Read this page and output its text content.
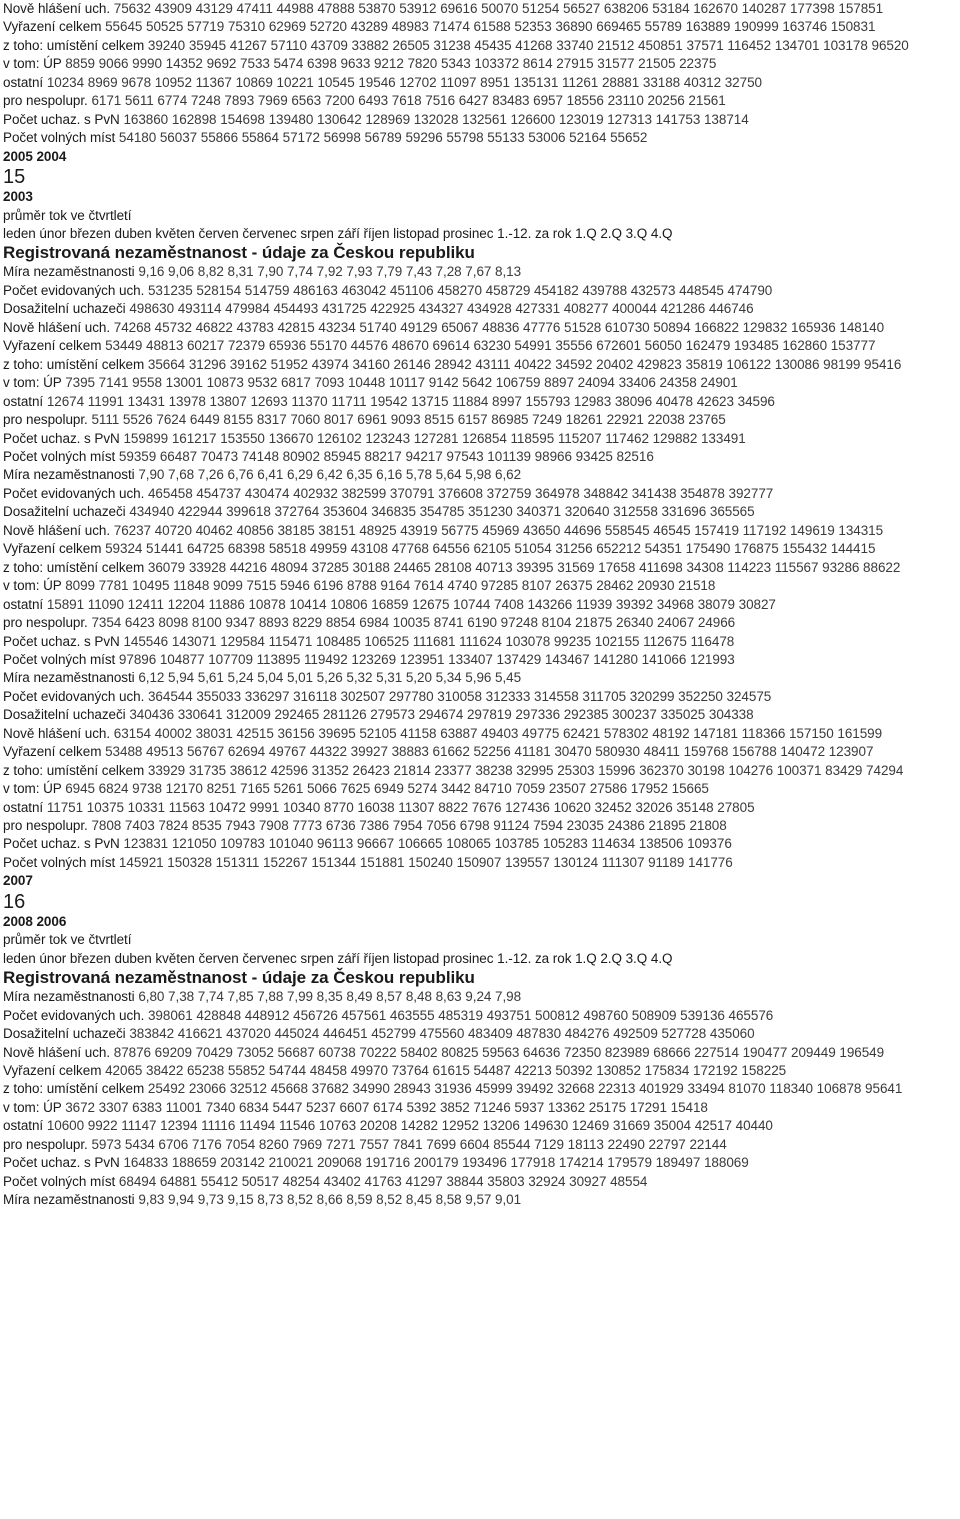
Nově hlášení uch. 75632 43909 43129 47411 44988 47888 53870 53912 69616 50070 51254 56527 638206 53184 162670 140287 177398 157851

Vyřazení celkem 55645 50525 57719 75310 62969 52720 43289 48983 71474 61588 52353 36890 669465 55789 163889 190999 163746 150831

z toho: umístění celkem 39240 35945 41267 57110 43709 33882 26505 31238 45435 41268 33740 21512 450851 37571 116452 134701 103178 96520

v tom: ÚP 8859 9066 9990 14352 9692 7533 5474 6398 9633 9212 7820 5343 103372 8614 27915 31577 21505 22375

ostatní 10234 8969 9678 10952 11367 10869 10221 10545 19546 12702 11097 8951 135131 11261 28881 33188 40312 32750

pro nespolupr. 6171 5611 6774 7248 7893 7969 6563 7200 6493 7618 7516 6427 83483 6957 18556 23110 20256 21561

Počet uchaz. s PvN 163860 162898 154698 139480 130642 128969 132028 132561 126600 123019 127313 141753 138714

Počet volných míst 54180 56037 55866 55864 57172 56998 56789 59296 55798 55133 53006 52164 55652

2005 2004

15

2003

průměr tok ve čtvrtletí

leden únor březen duben květen červen červenec srpen září říjen listopad prosinec 1.-12. za rok 1.Q 2.Q 3.Q 4.Q

Registrovaná nezaměstnanost - údaje za Českou republiku

Míra nezaměstnanosti 9,16 9,06 8,82 8,31 7,90 7,74 7,92 7,93 7,79 7,43 7,28 7,67 8,13

Počet evidovaných uch. 531235 528154 514759 486163 463042 451106 458270 458729 454182 439788 432573 448545 474790

Dosažitelní uchazeči 498630 493114 479984 454493 431725 422925 434327 434928 427331 408277 400044 421286 446746

Nově hlášení uch. 74268 45732 46822 43783 42815 43234 51740 49129 65067 48836 47776 51528 610730 50894 166822 129832 165936 148140

Vyřazení celkem 53449 48813 60217 72379 65936 55170 44576 48670 69614 63230 54991 35556 672601 56050 162479 193485 162860 153777

z toho: umístění celkem 35664 31296 39162 51952 43974 34160 26146 28942 43111 40422 34592 20402 429823 35819 106122 130086 98199 95416

v tom: ÚP 7395 7141 9558 13001 10873 9532 6817 7093 10448 10117 9142 5642 106759 8897 24094 33406 24358 24901

ostatní 12674 11991 13431 13978 13807 12693 11370 11711 19542 13715 11884 8997 155793 12983 38096 40478 42623 34596

pro nespolupr. 5111 5526 7624 6449 8155 8317 7060 8017 6961 9093 8515 6157 86985 7249 18261 22921 22038 23765

Počet uchaz. s PvN 159899 161217 153550 136670 126102 123243 127281 126854 118595 115207 117462 129882 133491

Počet volných míst 59359 66487 70473 74148 80902 85945 88217 94217 97543 101139 98966 93425 82516

Míra nezaměstnanosti 7,90 7,68 7,26 6,76 6,41 6,29 6,42 6,35 6,16 5,78 5,64 5,98 6,62

Počet evidovaných uch. 465458 454737 430474 402932 382599 370791 376608 372759 364978 348842 341438 354878 392777

Dosažitelní uchazeči 434940 422944 399618 372764 353604 346835 354785 351230 340371 320640 312558 331696 365565

Nově hlášení uch. 76237 40720 40462 40856 38185 38151 48925 43919 56775 45969 43650 44696 558545 46545 157419 117192 149619 134315

Vyřazení celkem 59324 51441 64725 68398 58518 49959 43108 47768 64556 62105 51054 31256 652212 54351 175490 176875 155432 144415

z toho: umístění celkem 36079 33928 44216 48094 37285 30188 24465 28108 40713 39395 31569 17658 411698 34308 114223 115567 93286 88622

v tom: ÚP 8099 7781 10495 11848 9099 7515 5946 6196 8788 9164 7614 4740 97285 8107 26375 28462 20930 21518

ostatní 15891 11090 12411 12204 11886 10878 10414 10806 16859 12675 10744 7408 143266 11939 39392 34968 38079 30827

pro nespolupr. 7354 6423 8098 8100 9347 8893 8229 8854 6984 10035 8741 6190 97248 8104 21875 26340 24067 24966

Počet uchaz. s PvN 145546 143071 129584 115471 108485 106525 111681 111624 103078 99235 102155 112675 116478

Počet volných míst 97896 104877 107709 113895 119492 123269 123951 133407 137429 143467 141280 141066 121993

Míra nezaměstnanosti 6,12 5,94 5,61 5,24 5,04 5,01 5,26 5,32 5,31 5,20 5,34 5,96 5,45

Počet evidovaných uch. 364544 355033 336297 316118 302507 297780 310058 312333 314558 311705 320299 352250 324575

Dosažitelní uchazeči 340436 330641 312009 292465 281126 279573 294674 297819 297336 292385 300237 335025 304338

Nově hlášení uch. 63154 40002 38031 42515 36156 39695 52105 41158 63887 49403 49775 62421 578302 48192 147181 118366 157150 161599

Vyřazení celkem 53488 49513 56767 62694 49767 44322 39927 38883 61662 52256 41181 30470 580930 48411 159768 156788 140472 123907

z toho: umístění celkem 33929 31735 38612 42596 31352 26423 21814 23377 38238 32995 25303 15996 362370 30198 104276 100371 83429 74294

v tom: ÚP 6945 6824 9738 12170 8251 7165 5261 5066 7625 6949 5274 3442 84710 7059 23507 27586 17952 15665

ostatní 11751 10375 10331 11563 10472 9991 10340 8770 16038 11307 8822 7676 127436 10620 32452 32026 35148 27805

pro nespolupr. 7808 7403 7824 8535 7943 7908 7773 6736 7386 7954 7056 6798 91124 7594 23035 24386 21895 21808

Počet uchaz. s PvN 123831 121050 109783 101040 96113 96667 106665 108065 103785 105283 114634 138506 109376

Počet volných míst 145921 150328 151311 152267 151344 151881 150240 150907 139557 130124 111307 91189 141776

2007

16

2008 2006

průměr tok ve čtvrtletí

leden únor březen duben květen červen červenec srpen září říjen listopad prosinec 1.-12. za rok 1.Q 2.Q 3.Q 4.Q

Registrovaná nezaměstnanost - údaje za Českou republiku

Míra nezaměstnanosti 6,80 7,38 7,74 7,85 7,88 7,99 8,35 8,49 8,57 8,48 8,63 9,24 7,98

Počet evidovaných uch. 398061 428848 448912 456726 457561 463555 485319 493751 500812 498760 508909 539136 465576

Dosažitelní uchazeči 383842 416621 437020 445024 446451 452799 475560 483409 487830 484276 492509 527728 435060

Nově hlášení uch. 87876 69209 70429 73052 56687 60738 70222 58402 80825 59563 64636 72350 823989 68666 227514 190477 209449 196549

Vyřazení celkem 42065 38422 65238 55852 54744 48458 49970 73764 61615 54487 42213 50392 130852 175834 172192 158225

z toho: umístění celkem 25492 23066 32512 45668 37682 34990 28943 31936 45999 39492 32668 22313 401929 33494 81070 118340 106878 95641

v tom: ÚP 3672 3307 6383 11001 7340 6834 5447 5237 6607 6174 5392 3852 71246 5937 13362 25175 17291 15418

ostatní 10600 9922 11147 12394 11116 11494 11546 10763 20208 14282 12952 13206 149630 12469 31669 35004 42517 40440

pro nespolupr. 5973 5434 6706 7176 7054 8260 7969 7271 7557 7841 7699 6604 85544 7129 18113 22490 22797 22144

Počet uchaz. s PvN 164833 188659 203142 210021 209068 191716 200179 193496 177918 174214 179579 189497 188069

Počet volných míst 68494 64881 55412 50517 48254 43402 41763 41297 38844 35803 32924 30927 48554

Míra nezaměstnanosti 9,83 9,94 9,73 9,15 8,73 8,52 8,66 8,59 8,52 8,45 8,58 9,57 9,01
